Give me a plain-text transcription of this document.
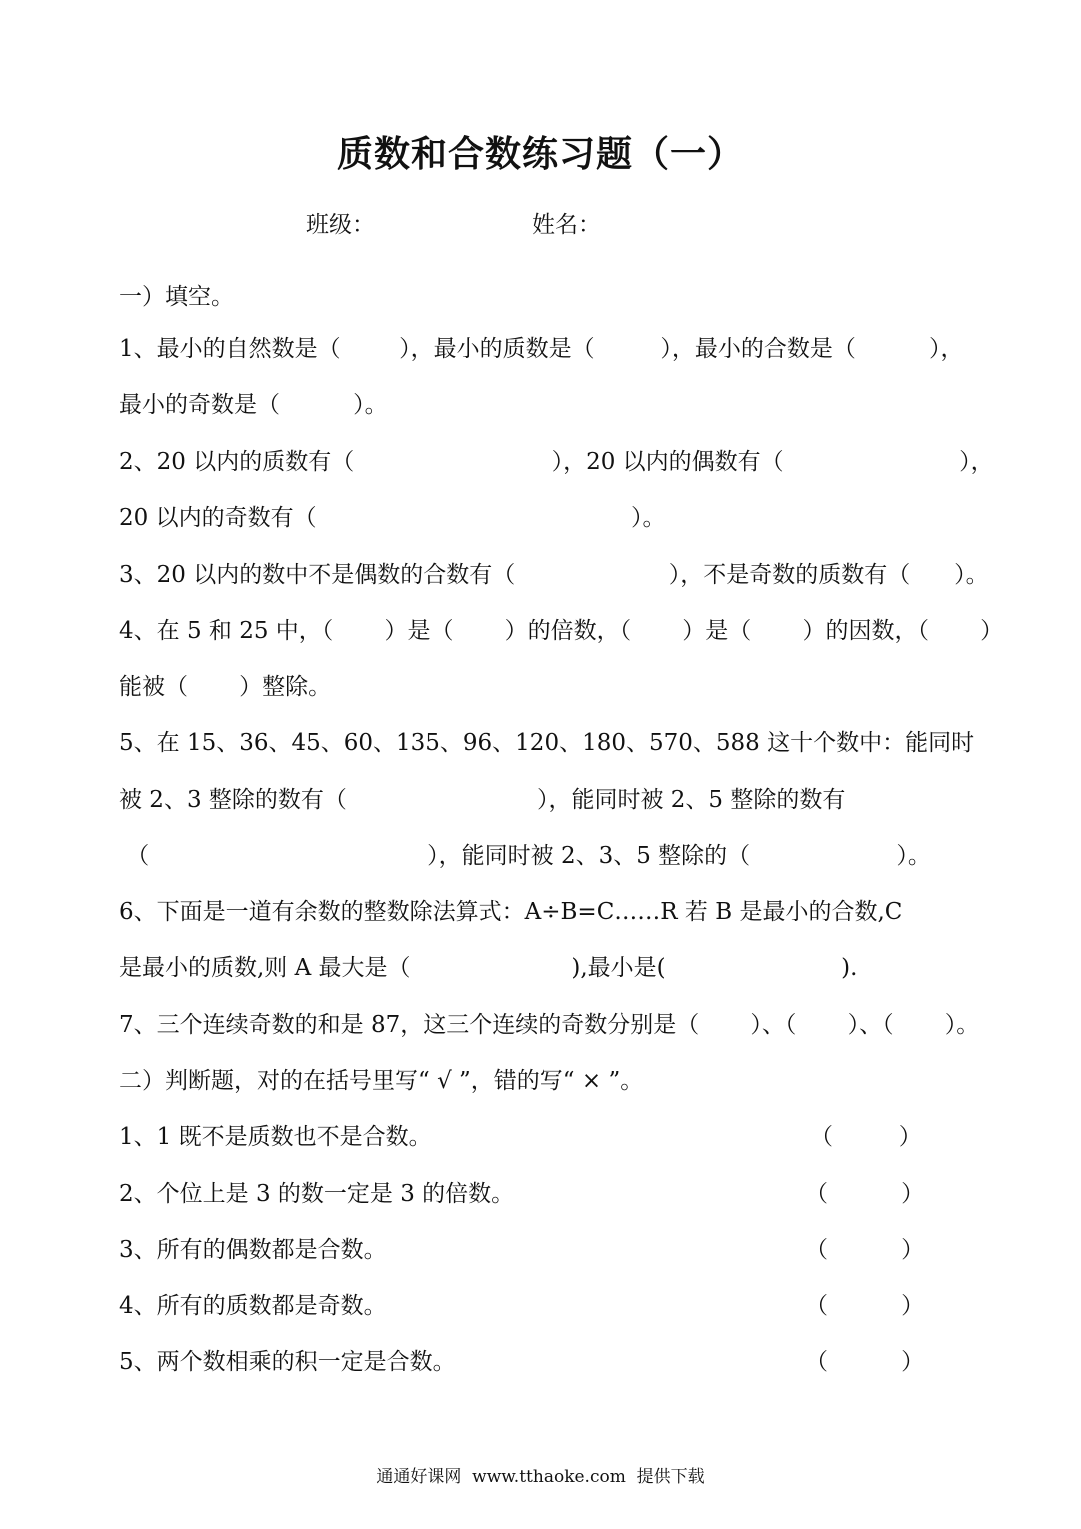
质数和合数练习题（一）
班级：	姓名：
一）填空。
1、最小的自然数是（        ），最小的质数是（         ），最小的合数是（          ），
最小的奇数是（          ）。
2、20 以内的质数有（                           ），20 以内的偶数有（                        ），
20 以内的奇数有（                                           ）。
3、20 以内的数中不是偶数的合数有（                     ），不是奇数的质数有（      ）。
4、在 5 和 25 中，（       ）是（       ）的倍数，（       ）是（       ）的因数，（       ）
能被（       ）整除。
5、在 15、36、45、60、135、96、120、180、570、588 这十个数中：能同时
被 2、3 整除的数有（                          ），能同时被 2、5 整除的数有
（                                      ），能同时被 2、3、5 整除的（                    ）。
6、下面是一道有余数的整数除法算式：A÷B=C……R 若 B 是最小的合数,C
是最小的质数,则 A 最大是（                      ),最小是(                        ).
7、三个连续奇数的和是 87，这三个连续的奇数分别是（       ）、（       ）、（       ）。
二）判断题，对的在括号里写“ √ ”，错的写“ × ”。
1、1 既不是质数也不是合数。	（         ）
2、个位上是 3 的数一定是 3 的倍数。	（          ）
3、所有的偶数都是合数。	（          ）
4、所有的质数都是奇数。	（          ）
5、两个数相乘的积一定是合数。	（          ）
通通好课网  www.tthaoke.com  提供下载
